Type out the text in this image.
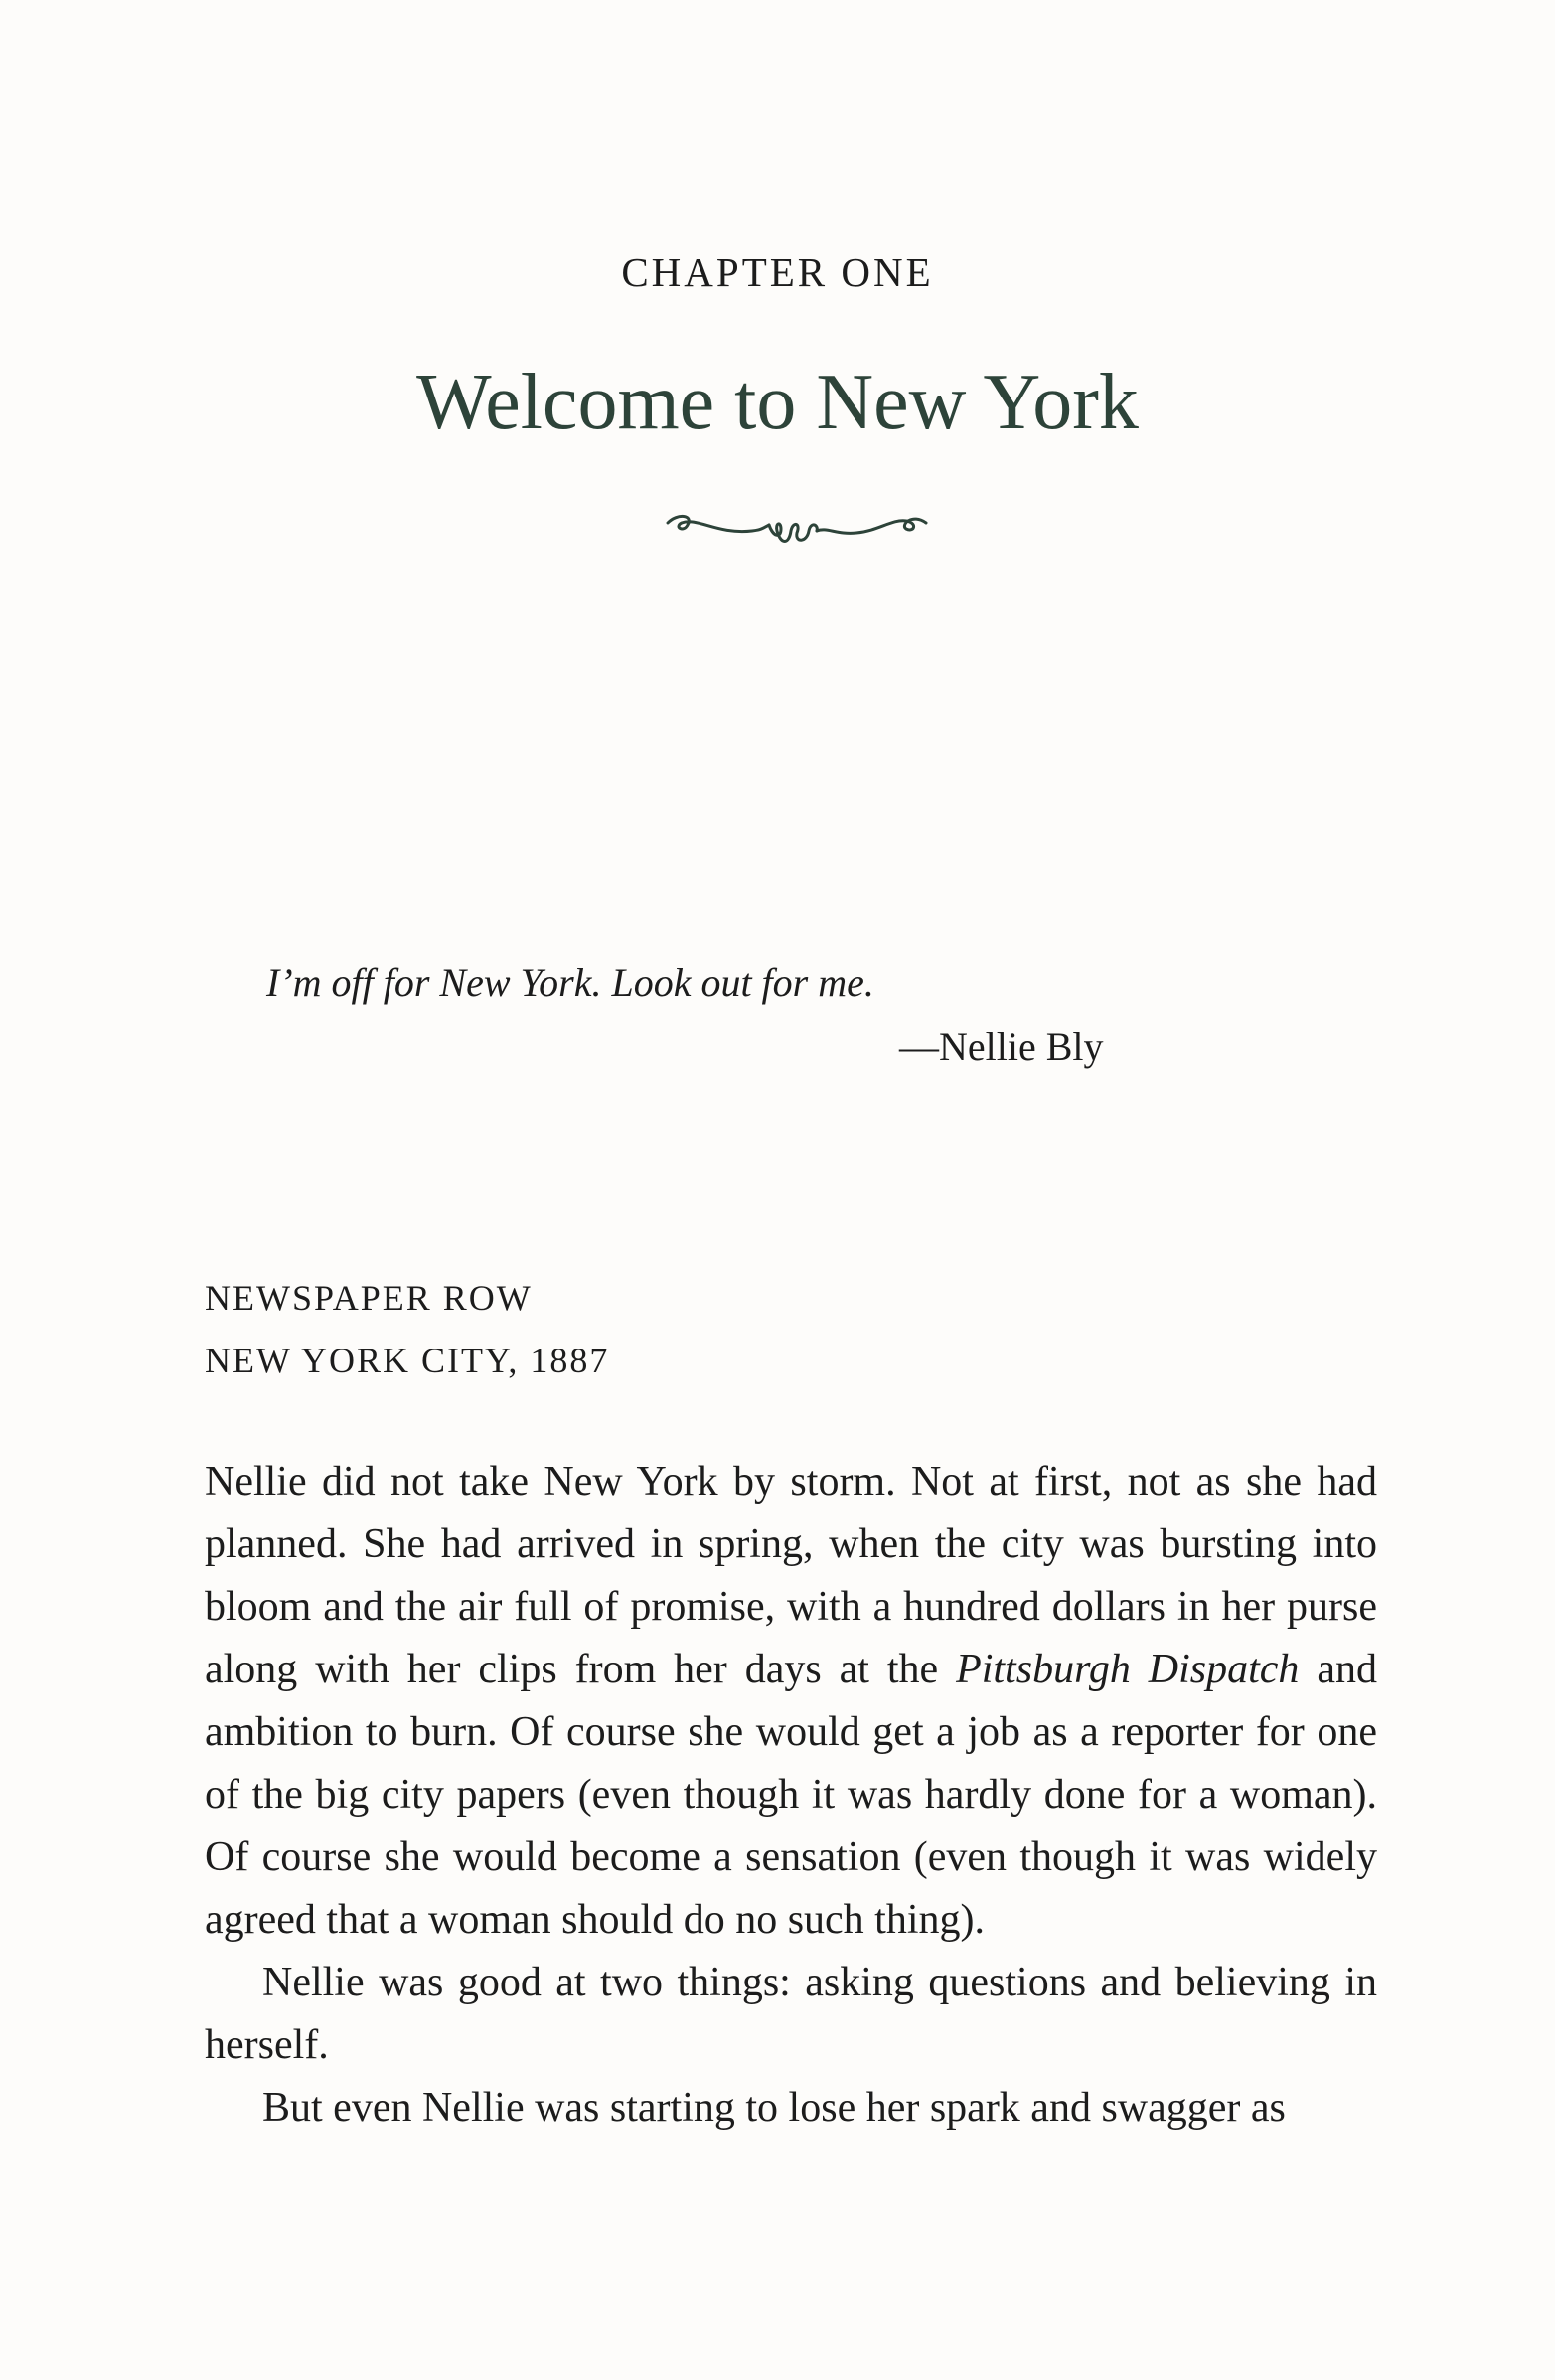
CHAPTER ONE
Welcome to New York
I’m off for New York. Look out for me.
—Nellie Bly
NEWSPAPER ROW
NEW YORK CITY, 1887

Nellie did not take New York by storm. Not at first, not as she had planned. She had arrived in spring, when the city was bursting into bloom and the air full of promise, with a hundred dollars in her purse along with her clips from her days at the Pittsburgh Dispatch and ambition to burn. Of course she would get a job as a reporter for one of the big city papers (even though it was hardly done for a woman). Of course she would become a sensation (even though it was widely agreed that a woman should do no such thing).

Nellie was good at two things: asking questions and believing in herself.

But even Nellie was starting to lose her spark and swagger as
